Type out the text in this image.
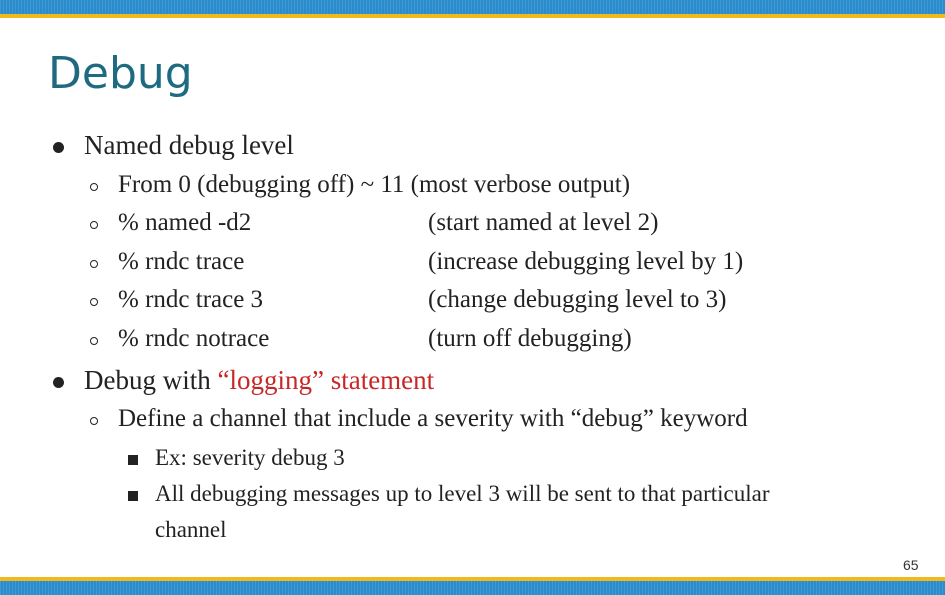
Debug
Named debug level
From 0 (debugging off) ~ 11 (most verbose output)
% named -d2	(start named at level 2)
% rndc trace	(increase debugging level by 1)
% rndc trace 3	(change debugging level to 3)
% rndc notrace	(turn off debugging)
Debug with “logging” statement
Define a channel that include a severity with “debug” keyword
Ex: severity debug 3
All debugging messages up to level 3 will be sent to that particular
channel
65
